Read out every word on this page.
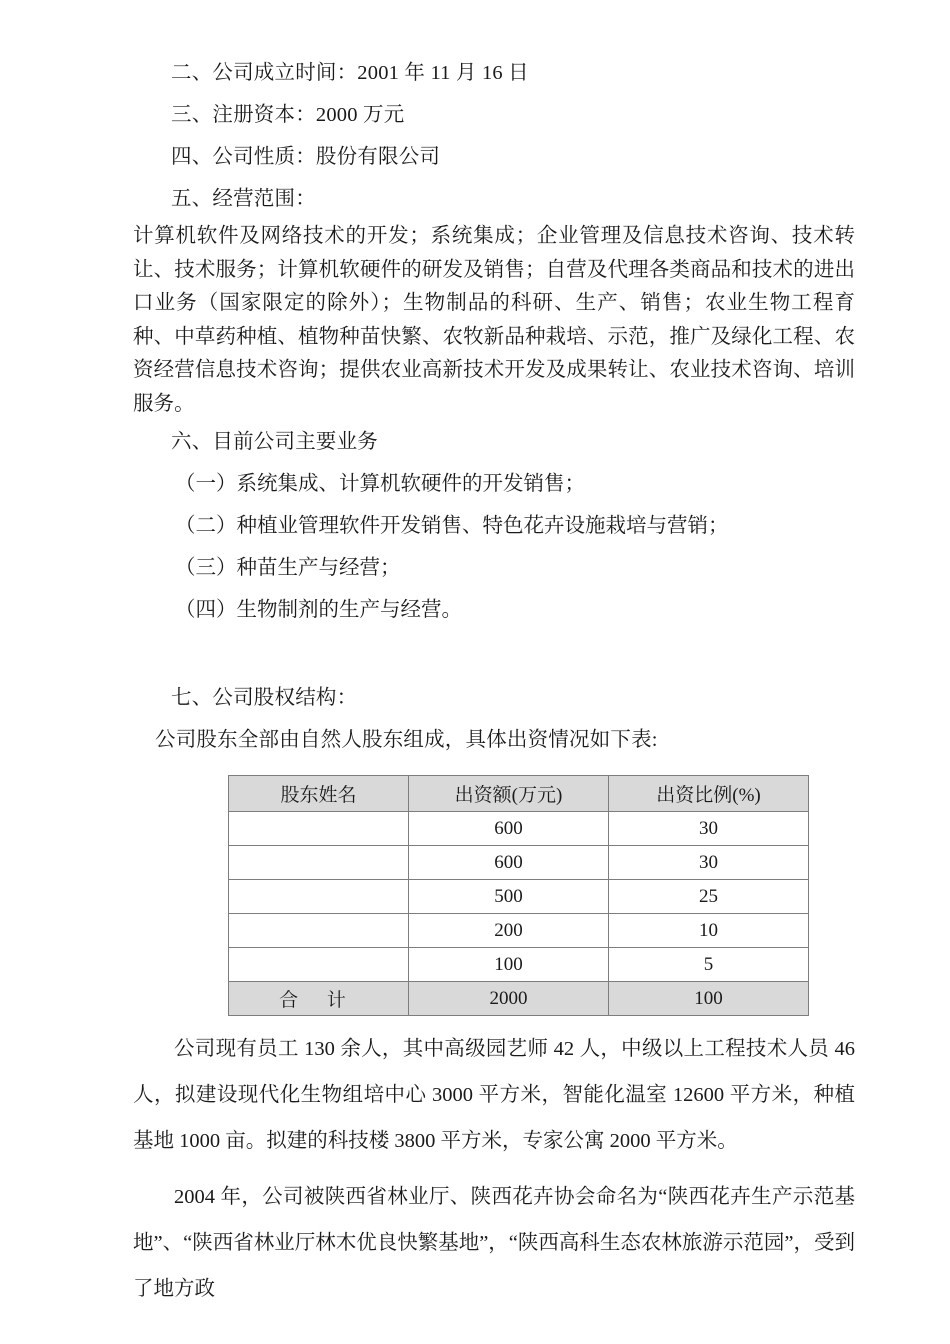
二、公司成立时间：2001 年 11 月 16 日
三、注册资本：2000 万元
四、公司性质：股份有限公司
五、经营范围：
计算机软件及网络技术的开发；系统集成；企业管理及信息技术咨询、技术转让、技术服务；计算机软硬件的研发及销售；自营及代理各类商品和技术的进出口业务（国家限定的除外）；生物制品的科研、生产、销售；农业生物工程育种、中草药种植、植物种苗快繁、农牧新品种栽培、示范，推广及绿化工程、农资经营信息技术咨询；提供农业高新技术开发及成果转让、农业技术咨询、培训服务。
六、目前公司主要业务
（一）系统集成、计算机软硬件的开发销售；
（二）种植业管理软件开发销售、特色花卉设施栽培与营销；
（三）种苗生产与经营；
（四）生物制剂的生产与经营。
七、公司股权结构：
公司股东全部由自然人股东组成，具体出资情况如下表:
股东姓名	出资额(万元)	出资比例(%)
	600	30
	600	30
	500	25
	200	10
	100	5
合 计	2000	100
公司现有员工 130 余人，其中高级园艺师 42 人，中级以上工程技术人员 46 人，拟建设现代化生物组培中心 3000 平方米，智能化温室 12600 平方米，种植基地 1000 亩。拟建的科技楼 3800 平方米，专家公寓 2000 平方米。
2004 年，公司被陕西省林业厅、陕西花卉协会命名为“陕西花卉生产示范基地”、“陕西省林业厅林木优良快繁基地”，“陕西高科生态农林旅游示范园”，受到了地方政
